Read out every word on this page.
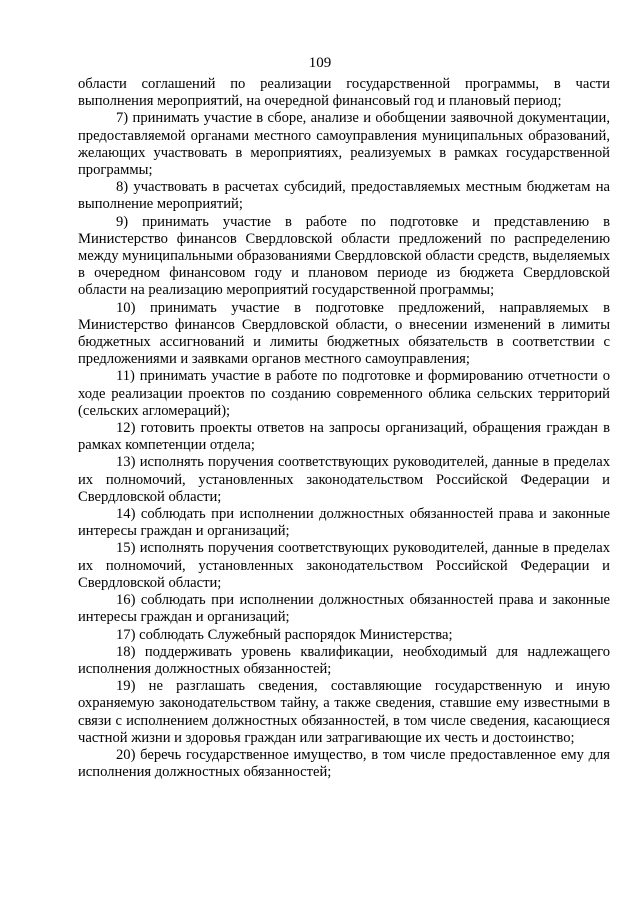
109

области соглашений по реализации государственной программы, в части выполнения мероприятий, на очередной финансовый год и плановый период;

7) принимать участие в сборе, анализе и обобщении заявочной документации, предоставляемой органами местного самоуправления муниципальных образований, желающих участвовать в мероприятиях, реализуемых в рамках государственной программы;

8) участвовать в расчетах субсидий, предоставляемых местным бюджетам на выполнение мероприятий;

9) принимать участие в работе по подготовке и представлению в Министерство финансов Свердловской области предложений по распределению между муниципальными образованиями Свердловской области средств, выделяемых в очередном финансовом году и плановом периоде из бюджета Свердловской области на реализацию мероприятий государственной программы;

10) принимать участие в подготовке предложений, направляемых в Министерство финансов Свердловской области, о внесении изменений в лимиты бюджетных ассигнований и лимиты бюджетных обязательств в соответствии с предложениями и заявками органов местного самоуправления;

11) принимать участие в работе по подготовке и формированию отчетности о ходе реализации проектов по созданию современного облика сельских территорий (сельских агломераций);

12) готовить проекты ответов на запросы организаций, обращения граждан в рамках компетенции отдела;

13) исполнять поручения соответствующих руководителей, данные в пределах их полномочий, установленных законодательством Российской Федерации и Свердловской области;

14) соблюдать при исполнении должностных обязанностей права и законные интересы граждан и организаций;

15) исполнять поручения соответствующих руководителей, данные в пределах их полномочий, установленных законодательством Российской Федерации и Свердловской области;

16) соблюдать при исполнении должностных обязанностей права и законные интересы граждан и организаций;

17) соблюдать Служебный распорядок Министерства;

18) поддерживать уровень квалификации, необходимый для надлежащего исполнения должностных обязанностей;

19) не разглашать сведения, составляющие государственную и иную охраняемую законодательством тайну, а также сведения, ставшие ему известными в связи с исполнением должностных обязанностей, в том числе сведения, касающиеся частной жизни и здоровья граждан или затрагивающие их честь и достоинство;

20) беречь государственное имущество, в том числе предоставленное ему для исполнения должностных обязанностей;
